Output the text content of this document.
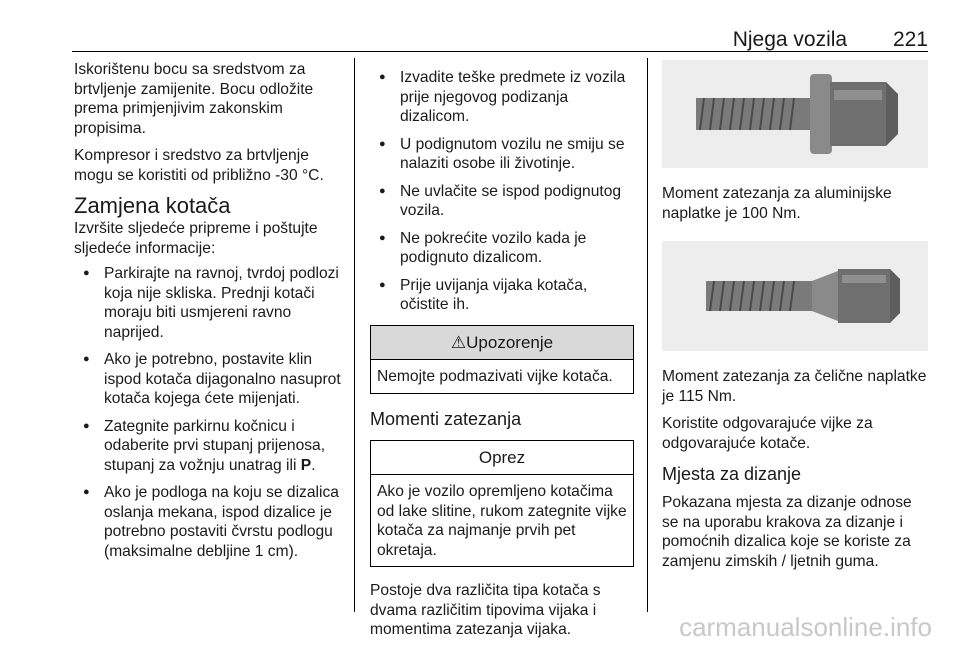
Njega vozila 221

Iskorištenu bocu sa sredstvom za brtvljenje zamijenite. Bocu odložite prema primjenjivim zakonskim propisima.

Kompresor i sredstvo za brtvljenje mogu se koristiti od približno -30 °C.

Zamjena kotača
Izvršite sljedeće pripreme i poštujte sljedeće informacije:
● Parkirajte na ravnoj, tvrdoj podlozi koja nije skliska. Prednji kotači moraju biti usmjereni ravno naprijed.
● Ako je potrebno, postavite klin ispod kotača dijagonalno nasuprot kotača kojega ćete mijenjati.
● Zategnite parkirnu kočnicu i odaberite prvi stupanj prijenosa, stupanj za vožnju unatrag ili P.
● Ako je podloga na koju se dizalica oslanja mekana, ispod dizalice je potrebno postaviti čvrstu podlogu (maksimalne debljine 1 cm).
● Izvadite teške predmete iz vozila prije njegovog podizanja dizalicom.
● U podignutom vozilu ne smiju se nalaziti osobe ili životinje.
● Ne uvlačite se ispod podignutog vozila.
● Ne pokrećite vozilo kada je podignuto dizalicom.
● Prije uvijanja vijaka kotača, očistite ih.
⚠Upozorenje
Nemojte podmazivati vijke kotača.
Momenti zatezanja
Oprez
Ako je vozilo opremljeno kotačima od lake slitine, rukom zategnite vijke kotača za najmanje prvih pet okretaja.

Postoje dva različita tipa kotača s dvama različitim tipovima vijaka i momentima zatezanja vijaka.

Moment zatezanja za aluminijske naplatke je 100 Nm.

Moment zatezanja za čelične naplatke je 115 Nm.

Koristite odgovarajuće vijke za odgovarajuće kotače.

Mjesta za dizanje

Pokazana mjesta za dizanje odnose se na uporabu krakova za dizanje i pomoćnih dizalica koje se koriste za zamjenu zimskih / ljetnih guma.

carmanualsonline.info
